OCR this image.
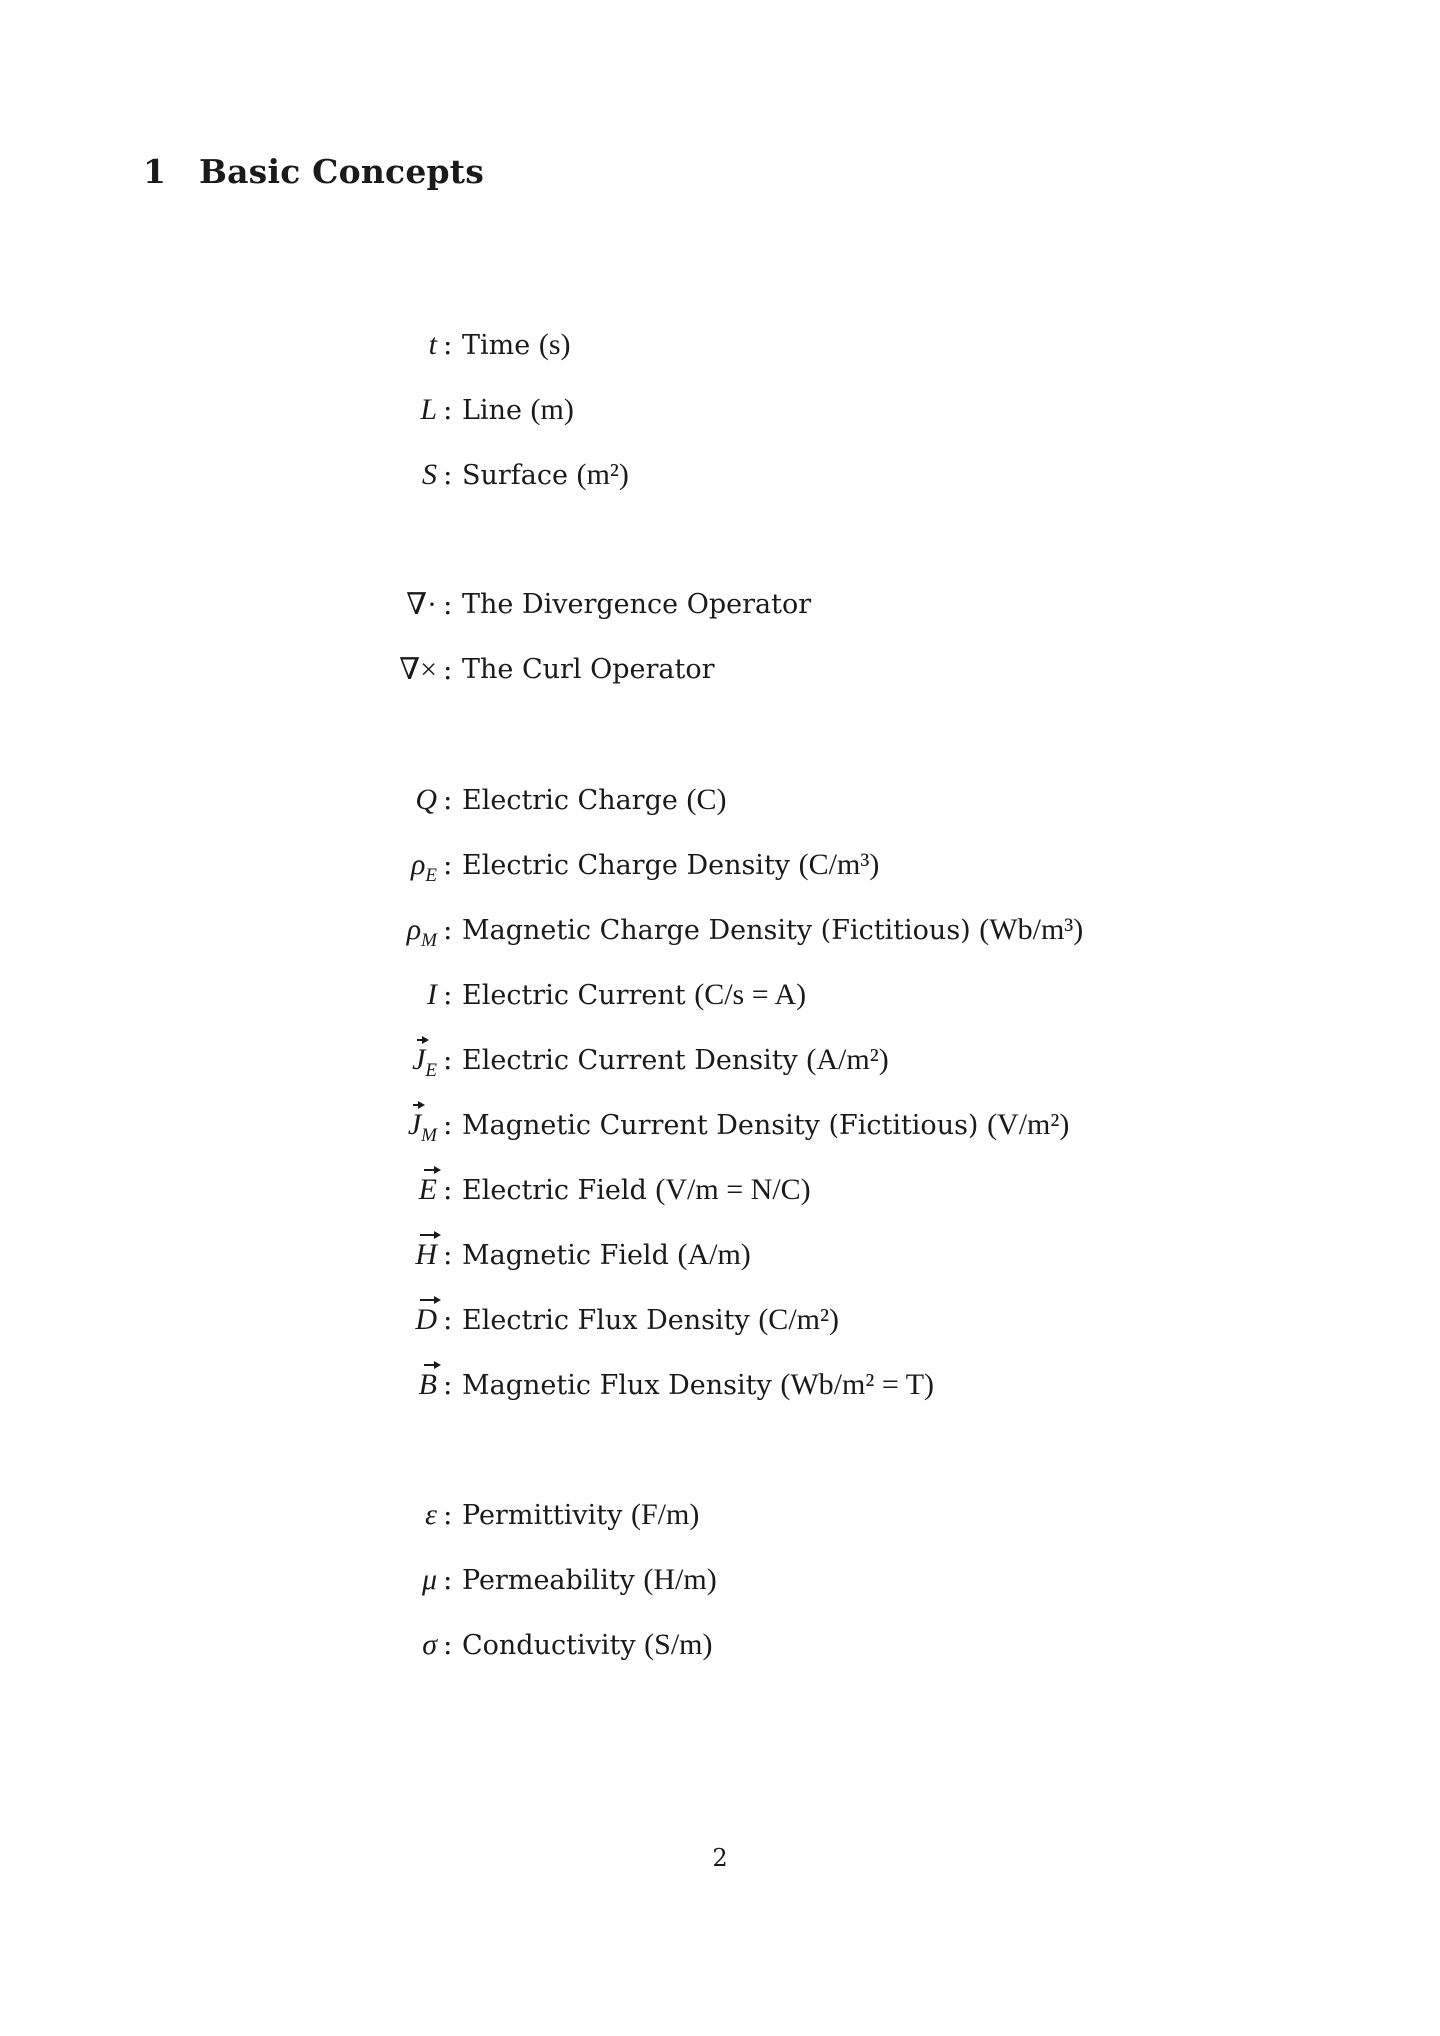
1 Basic Concepts
t : Time (s)
L : Line (m)
S : Surface (m²)
∇· : The Divergence Operator
∇× : The Curl Operator
Q : Electric Charge (C)
$\rho_E$ : Electric Charge Density (C/m³)
$\rho_M$ : Magnetic Charge Density (Fictitious) (Wb/m³)
I : Electric Current (C/s = A)
$J_E$ : Electric Current Density (A/m²)
$J_M$ : Magnetic Current Density (Fictitious) (V/m²)
E : Electric Field (V/m = N/C)
H : Magnetic Field (A/m)
D : Electric Flux Density (C/m²)
B : Magnetic Flux Density (Wb/m² = T)
ε : Permittivity (F/m)
μ : Permeability (H/m)
σ : Conductivity (S/m)
2
